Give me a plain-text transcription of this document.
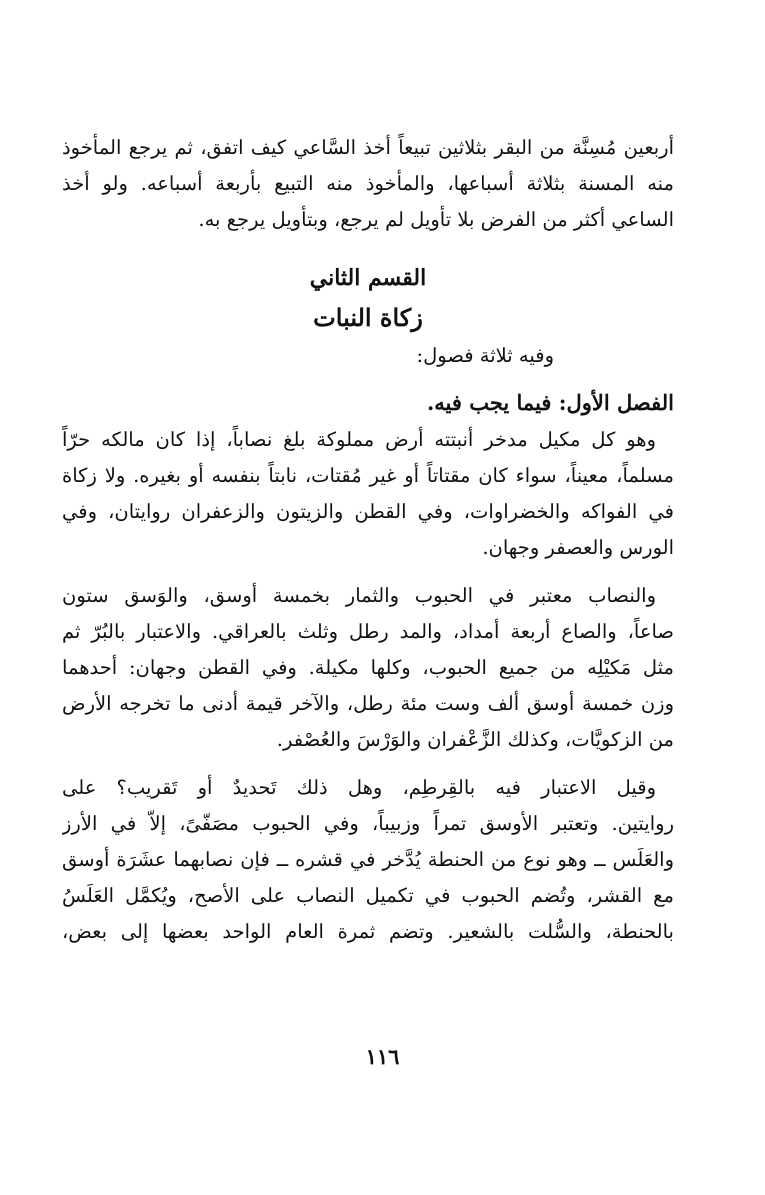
أربعين مُسِنَّة من البقر بثلاثين تبيعاً أخذ السَّاعي كيف اتفق، ثم يرجع المأخوذ
منه المسنة بثلاثة أسباعها، والمأخوذ منه التبيع بأربعة أسباعه. ولو أخذ
الساعي أكثر من الفرض بلا تأويل لم يرجع، وبتأويل يرجع به.
القسم الثاني
زكاة النبات
وفيه ثلاثة فصول:
الفصل الأول: فيما يجب فيه.
وهو كل مكيل مدخر أنبتته أرض مملوكة بلغ نصاباً، إذا كان مالكه حرّاً
مسلماً، معيناً، سواء كان مقتاتاً أو غير مُقتات، نابتاً بنفسه أو بغيره. ولا زكاة
في الفواكه والخضراوات، وفي القطن والزيتون والزعفران روايتان، وفي
الورس والعصفر وجهان.
والنصاب معتبر في الحبوب والثمار بخمسة أوسق، والوَسق ستون
صاعاً، والصاع أربعة أمداد، والمد رطل وثلث بالعراقي. والاعتبار بالبُرّ ثم
مثل مَكيْلِه من جميع الحبوب، وكلها مكيلة. وفي القطن وجهان: أحدهما
وزن خمسة أوسق ألف وست مئة رطل، والآخر قيمة أدنى ما تخرجه الأرض
من الزكويَّات، وكذلك الزَّعْفران والوَرْسَ والعُصْفر.
وقيل الاعتبار فيه بالقِرطِم، وهل ذلك تَحديدٌ أو تَقريب؟ على
روايتين. وتعتبر الأوسق تمراً وزبيباً، وفي الحبوب مصَفّىً، إلاّ في الأرز
والعَلَس ــ وهو نوع من الحنطة يُدَّخر في قشره ــ فإن نصابهما عشَرَة أوسق
مع القشر، وتُضم الحبوب في تكميل النصاب على الأصح، ويُكمَّل العَلَسُ
بالحنطة، والسُّلت بالشعير. وتضم ثمرة العام الواحد بعضها إلى بعض،
١١٦
